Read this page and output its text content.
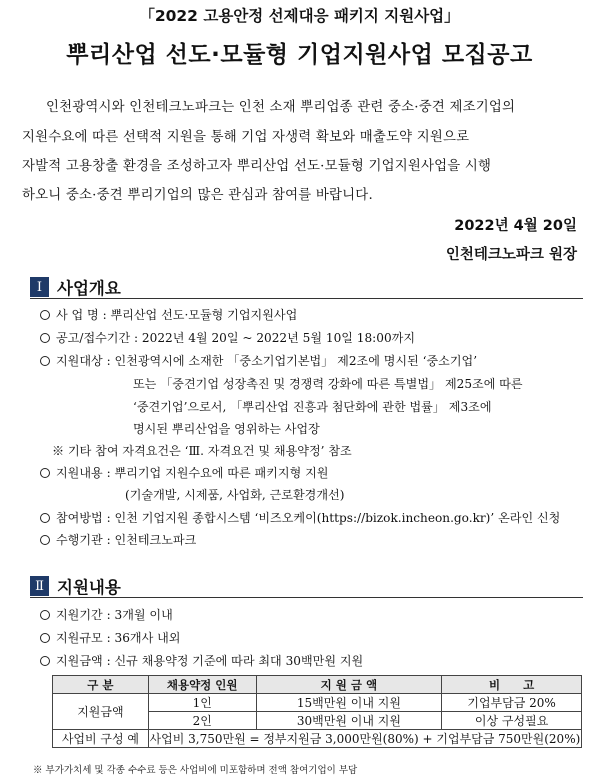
「2022 고용안정 선제대응 패키지 지원사업」
뿌리산업 선도·모듈형 기업지원사업 모집공고
인천광역시와 인천테크노파크는 인천 소재 뿌리업종 관련 중소·중견 제조기업의
지원수요에 따른 선택적 지원을 통해 기업 자생력 확보와 매출도약 지원으로
자발적 고용창출 환경을 조성하고자 뿌리산업 선도·모듈형 기업지원사업을 시행
하오니 중소·중견 뿌리기업의 많은 관심과 참여를 바랍니다.
2022년 4월 20일
인천테크노파크 원장
Ⅰ 사업개요
사 업 명 : 뿌리산업 선도·모듈형 기업지원사업
공고/접수기간 : 2022년 4월 20일 ~ 2022년 5월 10일 18:00까지
지원대상 : 인천광역시에 소재한 「중소기업기본법」 제2조에 명시된 ‘중소기업’
또는 「중견기업 성장촉진 및 경쟁력 강화에 따른 특별법」 제25조에 따른
‘중견기업’으로서, 「뿌리산업 진흥과 첨단화에 관한 법률」 제3조에
명시된 뿌리산업을 영위하는 사업장
※ 기타 참여 자격요건은 ‘Ⅲ. 자격요건 및 채용약정’ 참조
지원내용 : 뿌리기업 지원수요에 따른 패키지형 지원
(기술개발, 시제품, 사업화, 근로환경개선)
참여방법 : 인천 기업지원 종합시스템 ‘비즈오케이(https://bizok.incheon.go.kr)’ 온라인 신청
수행기관 : 인천테크노파크
Ⅱ 지원내용
지원기간 : 3개월 이내
지원규모 : 36개사 내외
지원금액 : 신규 채용약정 기준에 따라 최대 30백만원 지원
구 분	채용약정 인원	지 원 금 액	비　　고
지원금액	1인	15백만원 이내 지원	기업부담금 20%
	2인	30백만원 이내 지원	이상 구성필요
사업비 구성 예	사업비 3,750만원 = 정부지원금 3,000만원(80%) + 기업부담금 750만원(20%)		
※ 부가가치세 및 각종 수수료 등은 사업비에 미포함하며 전액 참여기업이 부담
